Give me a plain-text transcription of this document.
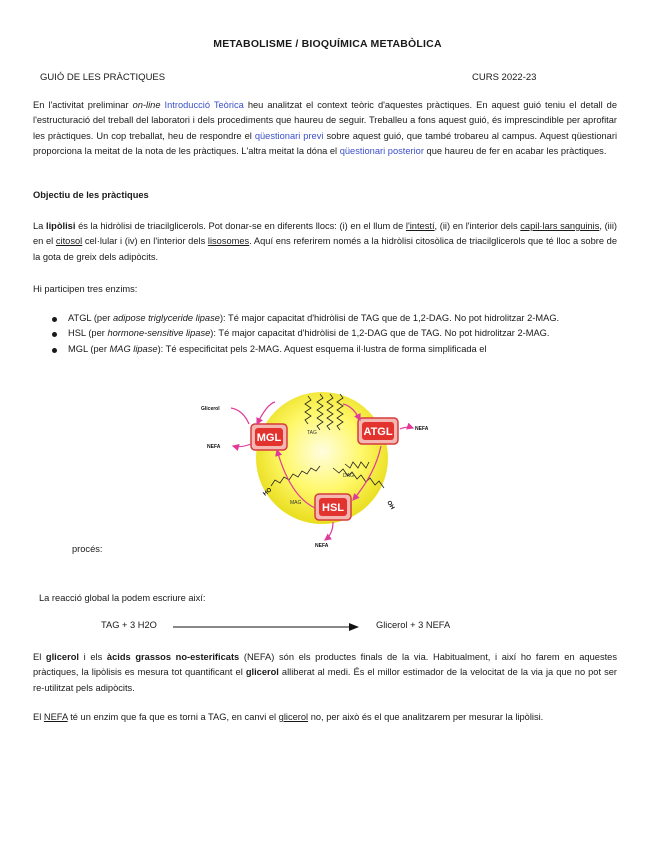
METABOLISME / BIOQUÍMICA METABÒLICA
GUIÓ DE LES PRÀCTIQUES	CURS 2022-23
En l'activitat preliminar on-line Introducció Teòrica heu analitzat el context teòric d'aquestes pràctiques. En aquest guió teniu el detall de l'estructuració del treball del laboratori i dels procediments que haureu de seguir. Treballeu a fons aquest guió, és imprescindible per aprofitar les pràctiques. Un cop treballat, heu de respondre el qüestionari previ sobre aquest guió, que també trobareu al campus. Aquest qüestionari proporciona la meitat de la nota de les pràctiques. L'altra meitat la dóna el qüestionari posterior que haureu de fer en acabar les pràctiques.
Objectiu de les pràctiques
La lipòlisi és la hidròlisi de triacilglicerols. Pot donar-se en diferents llocs: (i) en el llum de l'intestí, (ii) en l'interior dels capil·lars sanguinis, (iii) en el citosol cel·lular i (iv) en l'interior dels lisosomes. Aquí ens referirem només a la hidròlisi citosòlica de triacilglicerols que té lloc a sobre de la gota de greix dels adipòcits.
Hi participen tres enzims:
ATGL (per adipose triglyceride lipase): Té major capacitat d'hidròlisi de TAG que de 1,2-DAG. No pot hidrolitzar 2-MAG.
HSL (per hormone-sensitive lipase): Té major capacitat d'hidròlisi de 1,2-DAG que de TAG. No pot hidrolitzar 2-MAG.
MGL (per MAG lipase): Té especificitat pels 2-MAG. Aquest esquema il·lustra de forma simplificada el
TAG
MAG
DAG
MGL	ATGL
HSL
Glicerol
NEFA
NEFA
NEFA
HO
OH
procés:
La reacció global la podem escriure així:
TAG + 3 H2O	Glicerol + 3 NEFA
El glicerol i els àcids grassos no-esterificats (NEFA) són els productes finals de la via. Habitualment, i així ho farem en aquestes pràctiques, la lipòlisis es mesura tot quantificant el glicerol alliberat al medi. És el millor estimador de la velocitat de la via ja que no pot ser re-utilitzat pels adipòcits.
El NEFA té un enzim que fa que es torni a TAG, en canvi el glicerol no, per això és el que analitzarem per mesurar la lipòlisi.
